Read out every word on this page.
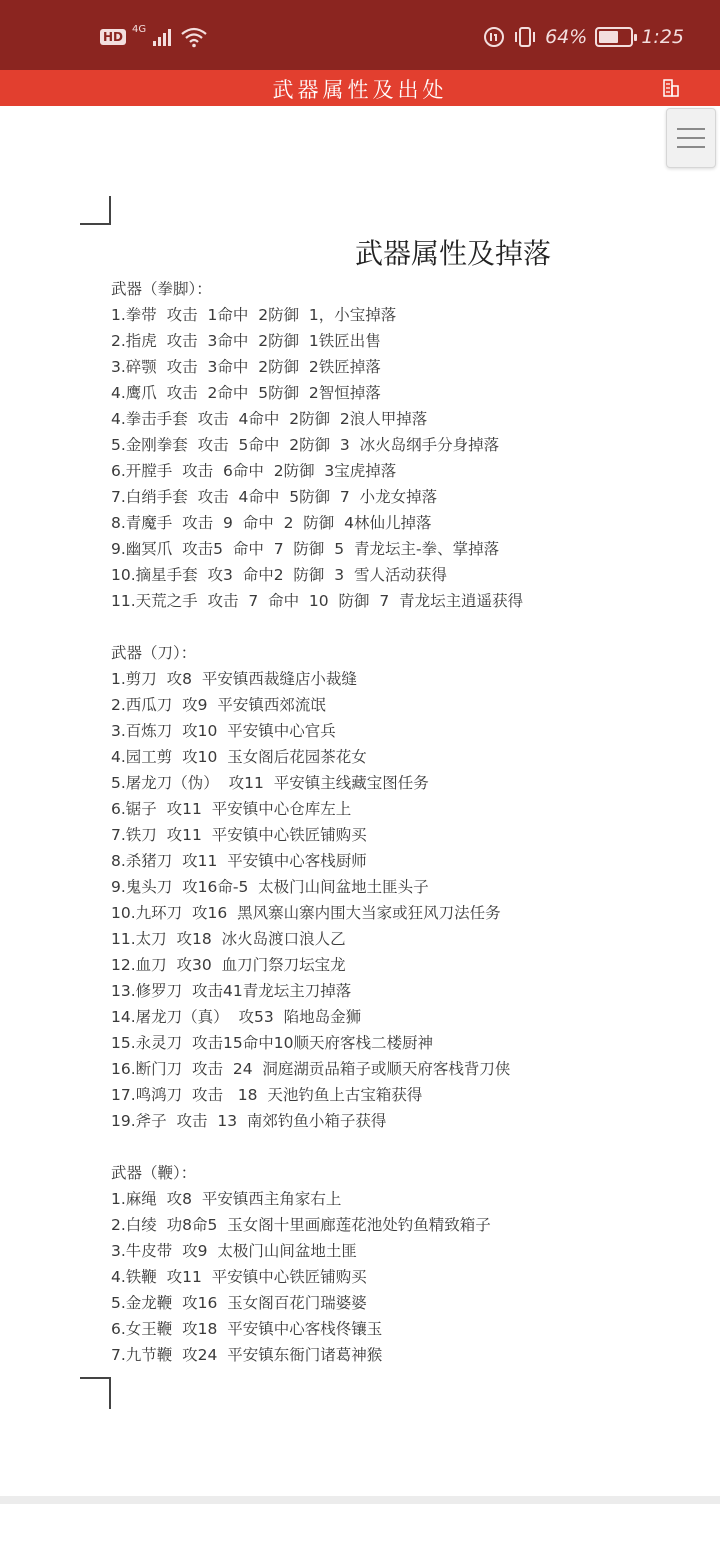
HD
4G	64%	1:25
武器属性及出处
武器属性及掉落
武器（拳脚）：
1.拳带  攻击  1命中  2防御  1，小宝掉落
2.指虎  攻击  3命中  2防御  1铁匠出售
3.碎颚  攻击  3命中  2防御  2铁匠掉落
4.鹰爪  攻击  2命中  5防御  2智恒掉落
4.拳击手套  攻击  4命中  2防御  2浪人甲掉落
5.金刚拳套  攻击  5命中  2防御  3  冰火岛纲手分身掉落
6.开膛手  攻击  6命中  2防御  3宝虎掉落
7.白绡手套  攻击  4命中  5防御  7  小龙女掉落
8.青魔手  攻击  9  命中  2  防御  4林仙儿掉落
9.幽冥爪  攻击5  命中  7  防御  5  青龙坛主-拳、掌掉落
10.摘星手套  攻3  命中2  防御  3  雪人活动获得
11.天荒之手  攻击  7  命中  10  防御  7  青龙坛主逍遥获得
武器（刀）：
1.剪刀  攻8  平安镇西裁缝店小裁缝
2.西瓜刀  攻9  平安镇西郊流氓
3.百炼刀  攻10  平安镇中心官兵
4.园工剪  攻10  玉女阁后花园茶花女
5.屠龙刀（伪）  攻11  平安镇主线藏宝图任务
6.锯子  攻11  平安镇中心仓库左上
7.铁刀  攻11  平安镇中心铁匠铺购买
8.杀猪刀  攻11  平安镇中心客栈厨师
9.鬼头刀  攻16命-5  太极门山间盆地土匪头子
10.九环刀  攻16  黑风寨山寨内围大当家或狂风刀法任务
11.太刀  攻18  冰火岛渡口浪人乙
12.血刀  攻30  血刀门祭刀坛宝龙
13.修罗刀  攻击41青龙坛主刀掉落
14.屠龙刀（真）  攻53  陷地岛金狮
15.永灵刀  攻击15命中10顺天府客栈二楼厨神
16.断门刀  攻击  24  洞庭湖贡品箱子或顺天府客栈背刀侠
17.鸣鸿刀  攻击   18  天池钓鱼上古宝箱获得
19.斧子  攻击  13  南郊钓鱼小箱子获得
武器（鞭）：
1.麻绳  攻8  平安镇西主角家右上
2.白绫  功8命5  玉女阁十里画廊莲花池处钓鱼精致箱子
3.牛皮带  攻9  太极门山间盆地土匪
4.铁鞭  攻11  平安镇中心铁匠铺购买
5.金龙鞭  攻16  玉女阁百花门瑞婆婆
6.女王鞭  攻18  平安镇中心客栈佟镶玉
7.九节鞭  攻24  平安镇东衙门诸葛神猴
